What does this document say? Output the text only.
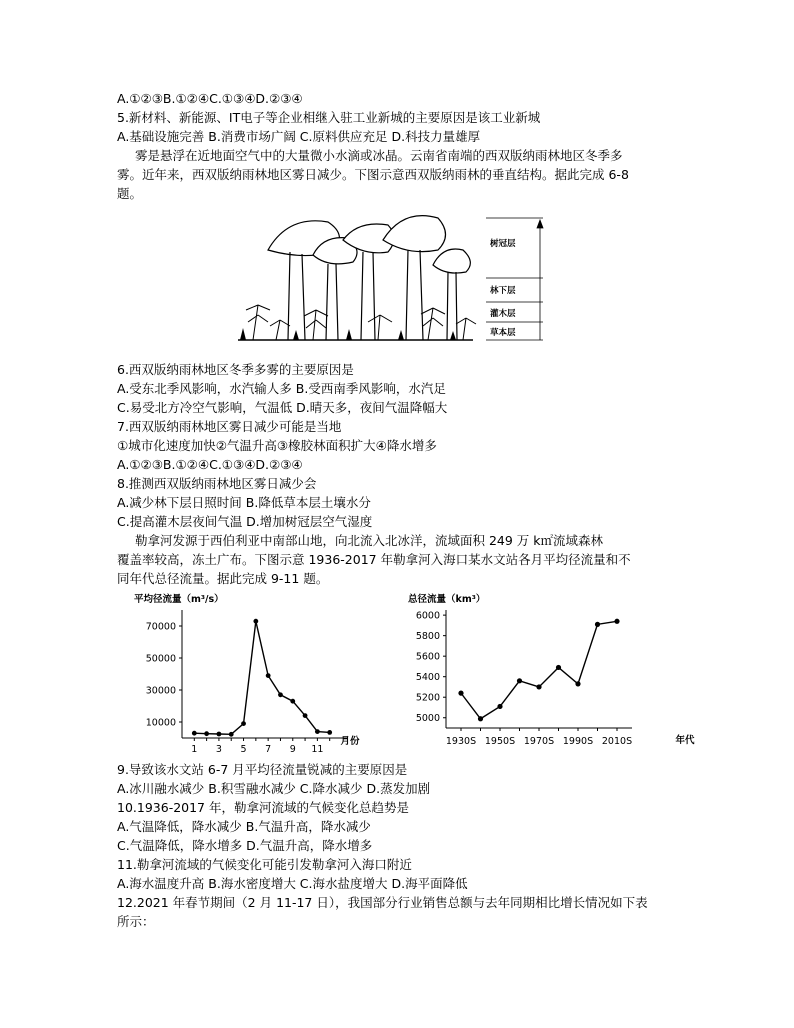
A.①②③B.①②④C.①③④D.②③④
5.新材料、新能源、IT电子等企业相继入驻工业新城的主要原因是该工业新城
A.基础设施完善 B.消费市场广阔 C.原料供应充足 D.科技力量雄厚
雾是悬浮在近地面空气中的大量微小水滴或冰晶。云南省南端的西双版纳雨林地区冬季多
雾。近年来，西双版纳雨林地区雾日减少。下图示意西双版纳雨林的垂直结构。据此完成 6-8
题。
树冠层
林下层
灌木层
草本层
6.西双版纳雨林地区冬季多雾的主要原因是
A.受东北季风影响，水汽输人多 B.受西南季风影响，水汽足
C.易受北方冷空气影响，气温低 D.晴天多，夜间气温降幅大
7.西双版纳雨林地区雾日减少可能是当地
①城市化速度加快②气温升高③橡胶林面积扩大④降水增多
A.①②③B.①②④C.①③④D.②③④
8.推测西双版纳雨林地区雾日减少会
A.减少林下层日照时间 B.降低草本层土壤水分
C.提高灌木层夜间气温 D.增加树冠层空气湿度
勒拿河发源于西伯利亚中南部山地，向北流入北冰洋，流域面积 249 万 k㎡流域森林
覆盖率较高，冻土广布。下图示意 1936-2017 年勒拿河入海口某水文站各月平均径流量和不
同年代总径流量。据此完成 9-11 题。
平均径流量（m³/s）
10000
30000
50000
70000
1 3 5 7 9 11
月份
总径流量（km³）
5000
5200
5400
5600
5800
6000
1930S 1950S 1970S 1990S 2010S	年代
9.导致该水文站 6-7 月平均径流量锐减的主要原因是
A.冰川融水减少 B.积雪融水减少 C.降水减少 D.蒸发加剧
10.1936-2017 年，勒拿河流域的气候变化总趋势是
A.气温降低，降水减少 B.气温升高，降水减少
C.气温降低，降水增多 D.气温升高，降水增多
11.勒拿河流域的气候变化可能引发勒拿河入海口附近
A.海水温度升高 B.海水密度增大 C.海水盐度增大 D.海平面降低
12.2021 年春节期间（2 月 11-17 日），我国部分行业销售总额与去年同期相比增长情况如下表
所示：
